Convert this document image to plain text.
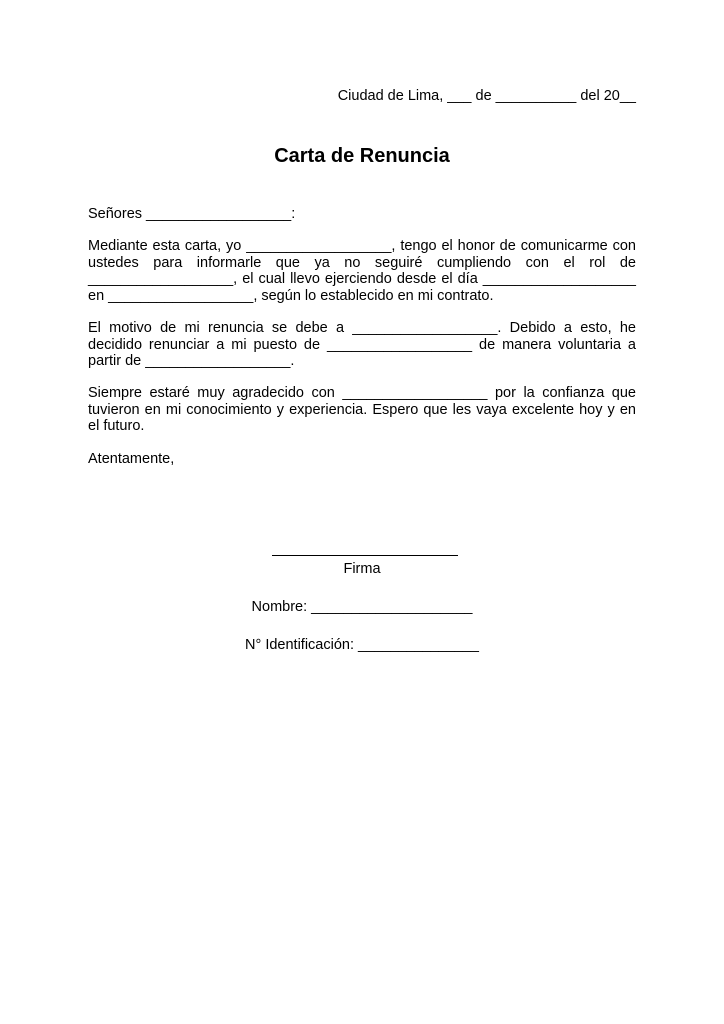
Ciudad de Lima, ___ de __________ del 20__
Carta de Renuncia
Señores __________________:
Mediante esta carta, yo __________________, tengo el honor de comunicarme con
ustedes para informarle que ya no seguiré cumpliendo con el rol de
__________________, el cual llevo ejerciendo desde el día ___________________
en __________________, según lo establecido en mi contrato.
El motivo de mi renuncia se debe a __________________. Debido a esto, he
decidido renunciar a mi puesto de __________________ de manera voluntaria a
partir de __________________.
Siempre estaré muy agradecido con __________________ por la confianza que
tuvieron en mi conocimiento y experiencia. Espero que les vaya excelente hoy y en
el futuro.
Atentamente,
Firma
Nombre: ____________________
N° Identificación: _______________
